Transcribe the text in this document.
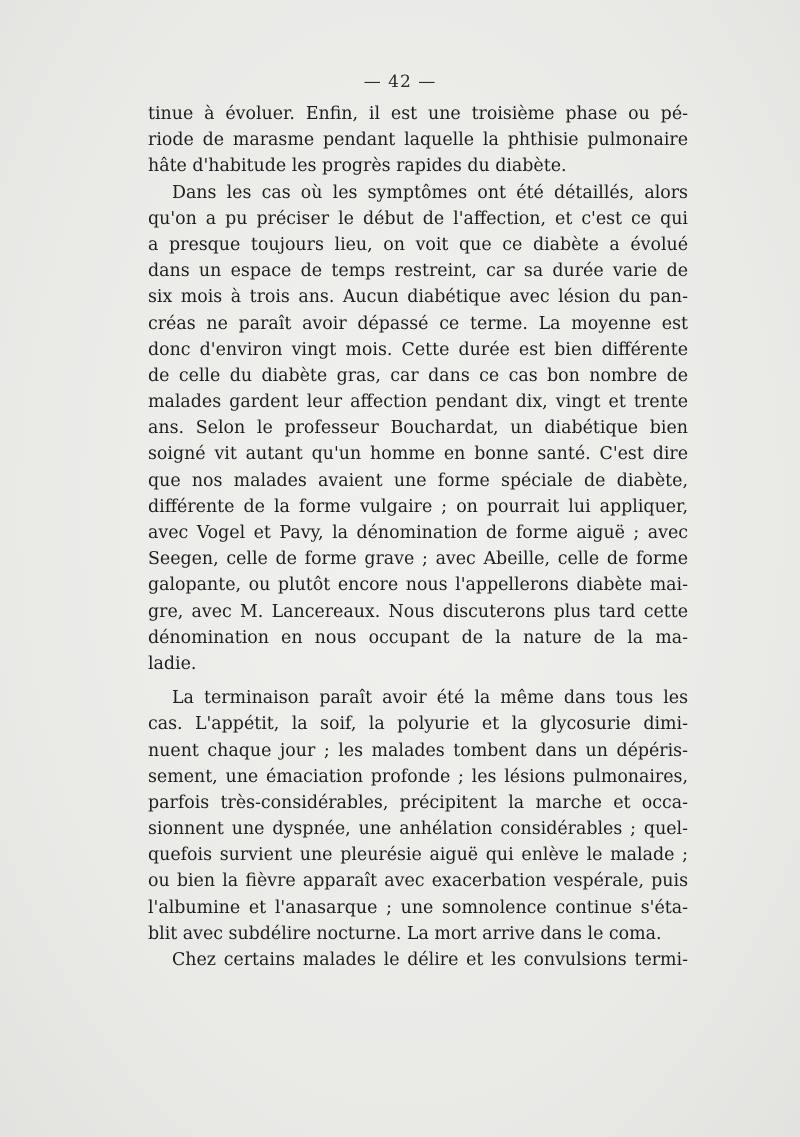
— 42 —
tinue à évoluer. Enfin, il est une troisième phase ou pé-
riode de marasme pendant laquelle la phthisie pulmonaire
hâte d'habitude les progrès rapides du diabète.
Dans les cas où les symptômes ont été détaillés, alors
qu'on a pu préciser le début de l'affection, et c'est ce qui
a presque toujours lieu, on voit que ce diabète a évolué
dans un espace de temps restreint, car sa durée varie de
six mois à trois ans. Aucun diabétique avec lésion du pan-
créas ne paraît avoir dépassé ce terme. La moyenne est
donc d'environ vingt mois. Cette durée est bien différente
de celle du diabète gras, car dans ce cas bon nombre de
malades gardent leur affection pendant dix, vingt et trente
ans. Selon le professeur Bouchardat, un diabétique bien
soigné vit autant qu'un homme en bonne santé. C'est dire
que nos malades avaient une forme spéciale de diabète,
différente de la forme vulgaire ; on pourrait lui appliquer,
avec Vogel et Pavy, la dénomination de forme aiguë ; avec
Seegen, celle de forme grave ; avec Abeille, celle de forme
galopante, ou plutôt encore nous l'appellerons diabète mai-
gre, avec M. Lancereaux. Nous discuterons plus tard cette
dénomination en nous occupant de la nature de la ma-
ladie.
La terminaison paraît avoir été la même dans tous les
cas. L'appétit, la soif, la polyurie et la glycosurie dimi-
nuent chaque jour ; les malades tombent dans un dépéris-
sement, une émaciation profonde ; les lésions pulmonaires,
parfois très-considérables, précipitent la marche et occa-
sionnent une dyspnée, une anhélation considérables ; quel-
quefois survient une pleurésie aiguë qui enlève le malade ;
ou bien la fièvre apparaît avec exacerbation vespérale, puis
l'albumine et l'anasarque ; une somnolence continue s'éta-
blit avec subdélire nocturne. La mort arrive dans le coma.
Chez certains malades le délire et les convulsions termi-
